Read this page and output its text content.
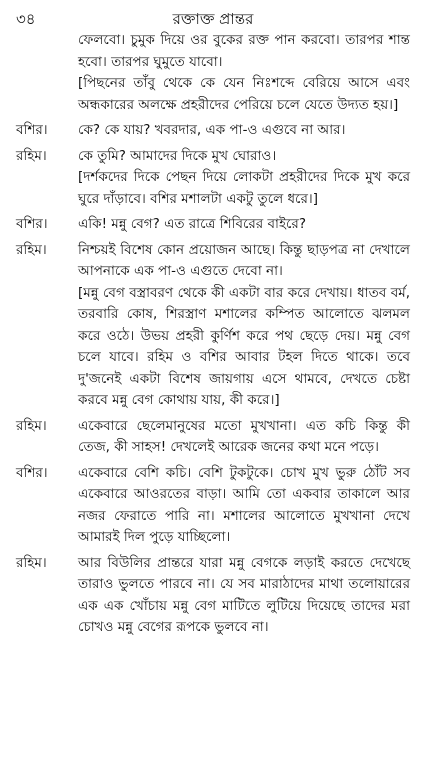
৩৪	রক্তাক্ত প্রান্তর

ফেলবো। চুমুক দিয়ে ওর বুকের রক্ত পান করবো। তারপর শান্ত হবো। তারপর ঘুমুতে যাবো।

[পিছনের তাঁবু থেকে কে যেন নিঃশব্দে বেরিয়ে আসে এবং অন্ধকারের অলক্ষে প্রহরীদের পেরিয়ে চলে যেতে উদ্যত হয়।]

বশির।	কে? কে যায়? খবরদার, এক পা-ও এগুবে না আর।

রহিম।	কে তুমি? আমাদের দিকে মুখ ঘোরাও।

[দর্শকদের দিকে পেছন দিয়ে লোকটা প্রহরীদের দিকে মুখ করে ঘুরে দাঁড়াবে। বশির মশালটা একটু তুলে ধরে।]

বশির।	একি! মন্নু বেগ? এত রাত্রে শিবিরের বাইরে?

রহিম।	নিশ্চয়ই বিশেষ কোন প্রয়োজন আছে। কিন্তু ছাড়পত্র না দেখালে আপনাকে এক পা-ও এগুতে দেবো না।

[মন্নু বেগ বস্ত্রাবরণ থেকে কী একটা বার করে দেখায়। ধাতব বর্ম, তরবারি কোষ, শিরস্ত্রাণ মশালের কম্পিত আলোতে ঝলমল করে ওঠে। উভয় প্রহরী কুর্ণিশ করে পথ ছেড়ে দেয়। মন্নু বেগ চলে যাবে। রহিম ও বশির আবার টহল দিতে থাকে। তবে দু'জনেই একটা বিশেষ জায়গায় এসে থামবে, দেখতে চেষ্টা করবে মন্নু বেগ কোথায় যায়, কী করে।]

রহিম।	একেবারে ছেলেমানুষের মতো মুখখানা। এত কচি কিন্তু কী তেজ, কী সাহস! দেখলেই আরেক জনের কথা মনে পড়ে।

বশির।	একেবারে বেশি কচি। বেশি টুকটুকে। চোখ মুখ ভুরু ঠোঁট সব একেবারে আওরতের বাড়া। আমি তো একবার তাকালে আর নজর ফেরাতে পারি না। মশালের আলোতে মুখখানা দেখে আমারই দিল পুড়ে যাচ্ছিলো।

রহিম।	আর বিউলির প্রান্তরে যারা মন্নু বেগকে লড়াই করতে দেখেছে তারাও ভুলতে পারবে না। যে সব মারাঠাদের মাথা তলোয়ারের এক এক খোঁচায় মন্নু বেগ মাটিতে লুটিয়ে দিয়েছে তাদের মরা চোখও মন্নু বেগের রূপকে ভুলবে না।
